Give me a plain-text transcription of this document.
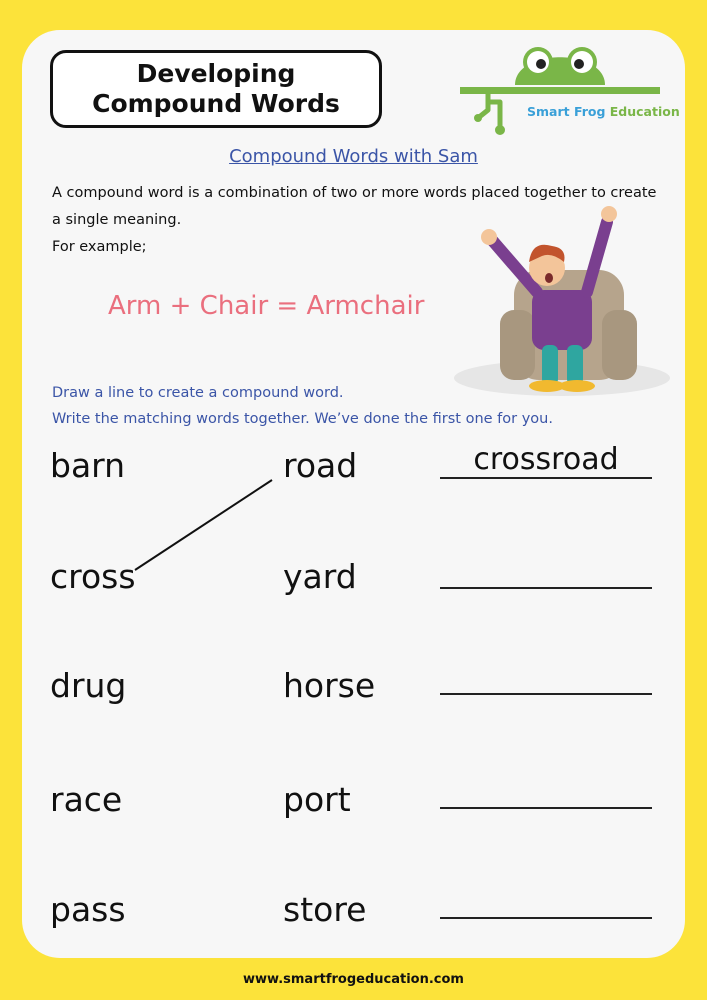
Developing Compound Words	Smart Frog Education
Compound Words with Sam
A compound word is a combination of two or more words placed together to create
a single meaning.
For example;
Arm + Chair = Armchair
Draw a line to create a compound word.
Write the matching words together. We’ve done the first one for you.
barn	road	crossroad
cross	yard
drug	horse
race	port
pass	store
www.smartfrogeducation.com
